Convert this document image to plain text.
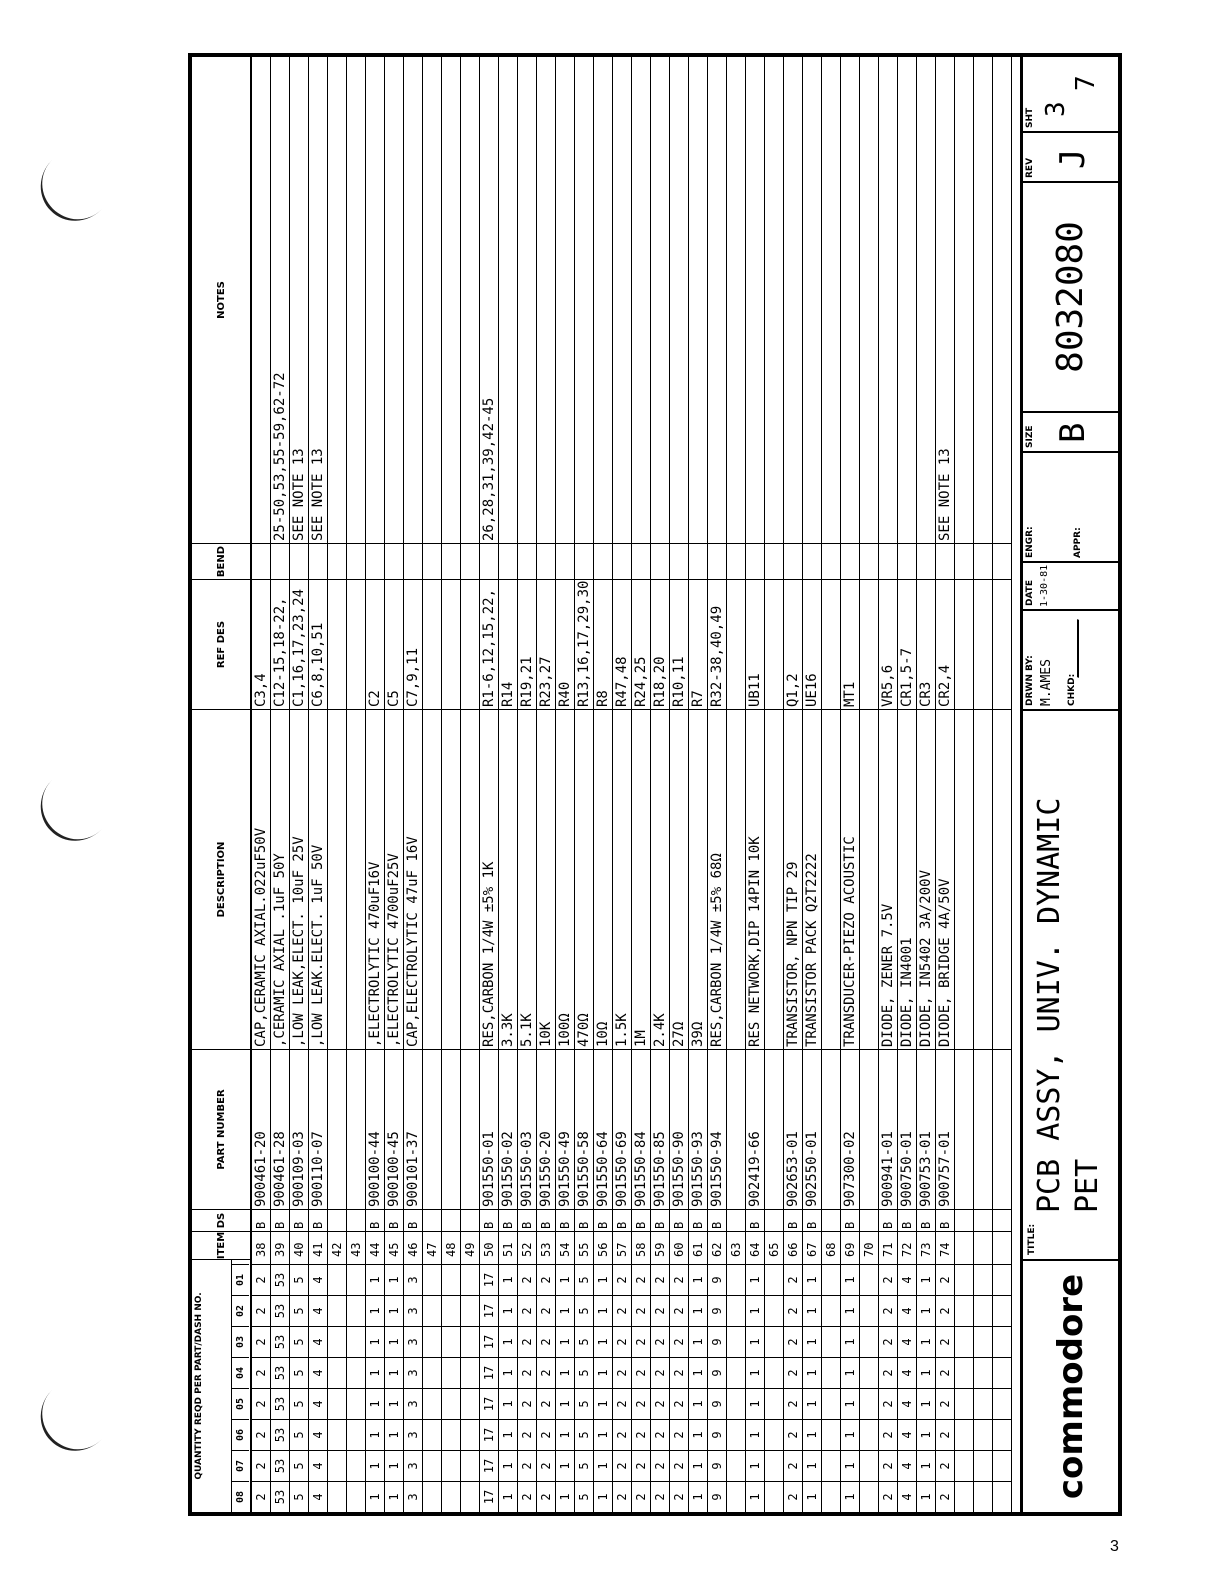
QUANTITY REQD PER PART/DASH NO.
08
07
06
05
04
03
02
01
ITEM
DS
PART NUMBER
DESCRIPTION
REF DES
BEND
NOTES
2
2
2
2
2
2
2
2
38
B
900461-20
CAP,CERAMIC AXIAL.022uF50V
C3,4
53
53
53
53
53
53
53
53
39
B
900461-28
,CERAMIC AXIAL .1uF 50Y
C12-15,18-22,
25-50,53,55-59,62-72
5
5
5
5
5
5
5
5
40
B
900109-03
,LOW LEAK,ELECT. 10uF 25V
C1,16,17,23,24
SEE NOTE 13
4
4
4
4
4
4
4
4
41
B
900110-07
,LOW LEAK.ELECT. 1uF 50V
C6,8,10,51
SEE NOTE 13
42 43
1
1
1
1
1
1
1
1
44
B
900100-44
,ELECTROLYTIC 470uF16V
C2
1
1
1
1
1
1
1
1
45
B
900100-45
,ELECTROLYTIC 4700uF25V
C5
3
3
3
3
3
3
3
3
46
B
900101-37
CAP,ELECTROLYTIC 47uF 16V
C7,9,11
47 48 49
17
17
17
17
17
17
17
17
50
B
901550-01
RES,CARBON 1/4W ±5% 1K
R1-6,12,15,22,
26,28,31,39,42-45
1
1
1
1
1
1
1
1
51
B
901550-02
3.3K
R14
2
2
2
2
2
2
2
2
52
B
901550-03
5.1K
R19,21
2
2
2
2
2
2
2
2
53
B
901550-20
10K
R23,27
1
1
1
1
1
1
1
1
54
B
901550-49
100Ω
R40
5
5
5
5
5
5
5
5
55
B
901550-58
470Ω
R13,16,17,29,30
1
1
1
1
1
1
1
1
56
B
901550-64
10Ω
R8
2
2
2
2
2
2
2
2
57
B
901550-69
1.5K
R47,48
2
2
2
2
2
2
2
2
58
B
901550-84
1M
R24,25
2
2
2
2
2
2
2
2
59
B
901550-85
2.4K
R18,20
2
2
2
2
2
2
2
2
60
B
901550-90
27Ω
R10,11
1
1
1
1
1
1
1
1
61
B
901550-93
39Ω
R7
9
9
9
9
9
9
9
9
62
B
901550-94
RES,CARBON 1/4W ±5% 68Ω
R32-38,40,49
63
1
1
1
1
1
1
1
1
64
B
902419-66
RES NETWORK,DIP 14PIN 10K
UB11
65
2
2
2
2
2
2
2
2
66
B
902653-01
TRANSISTOR, NPN TIP 29
Q1,2
1
1
1
1
1
1
1
1
67
B
902550-01
TRANSISTOR PACK Q2T2222
UE16
68
1
1
1
1
1
1
1
1
69
B
907300-02
TRANSDUCER-PIEZO ACOUSTIC
MT1
70
2
2
2
2
2
2
2
2
71
B
900941-01
DIODE, ZENER 7.5V
VR5,6
4
4
4
4
4
4
4
4
72
B
900750-01
DIODE, IN4001
CR1,5-7
1
1
1
1
1
1
1
1
73
B
900753-01
DIODE, IN5402 3A/200V
CR3
2
2
2
2
2
2
2
2
74
B
900757-01
DIODE, BRIDGE 4A/50V
CR2,4
SEE NOTE 13
commodore
TITLE:
PCB ASSY, UNIV. DYNAMIC PET
DRWN BY: M.AMES CHKD:
DATE 1-30-81
ENGR:	APPR:
SIZE B
8032080
REV J
SHT 3
7
3
